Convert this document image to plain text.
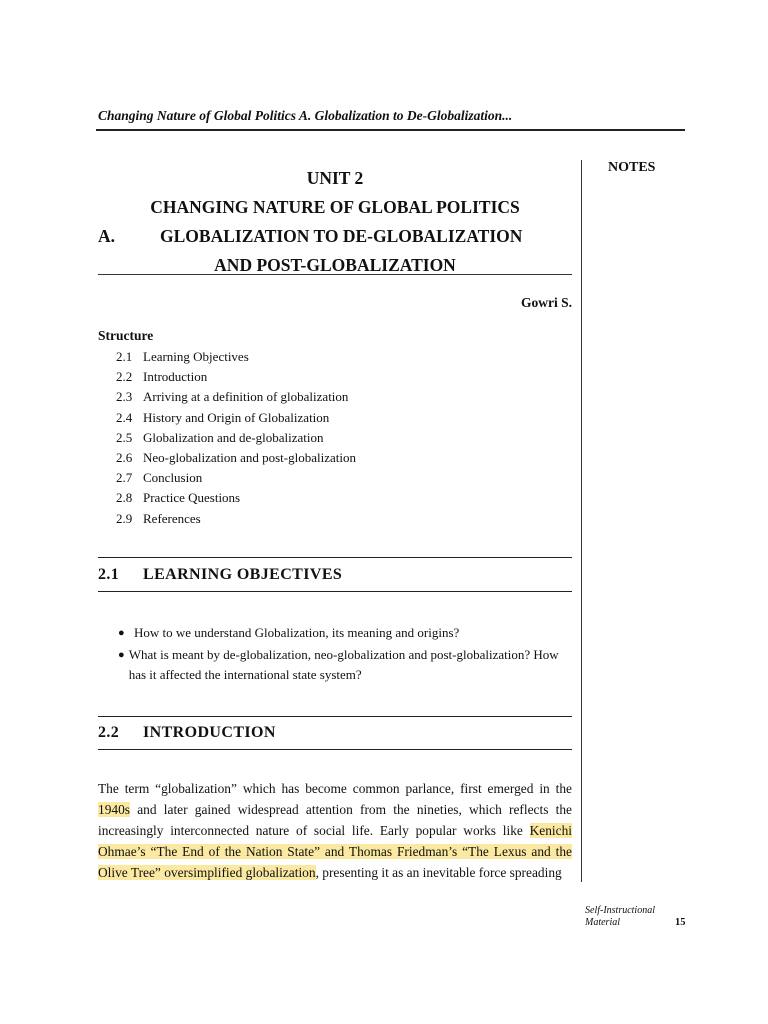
Changing Nature of Global Politics A. Globalization to De-Globalization...
NOTES
UNIT 2
CHANGING NATURE OF GLOBAL POLITICS
A.	GLOBALIZATION TO DE-GLOBALIZATION
AND POST-GLOBALIZATION
Gowri S.
Structure
2.1 Learning Objectives
2.2 Introduction
2.3 Arriving at a definition of globalization
2.4 History and Origin of Globalization
2.5 Globalization and de-globalization
2.6 Neo-globalization and post-globalization
2.7 Conclusion
2.8 Practice Questions
2.9 References
2.1	LEARNING OBJECTIVES
● How to we understand Globalization, its meaning and origins?
● What is meant by de-globalization, neo-globalization and post-globalization? How has it affected the international state system?
2.2	INTRODUCTION
The term “globalization” which has become common parlance, first emerged in the 1940s and later gained widespread attention from the nineties, which reflects the increasingly interconnected nature of social life. Early popular works like Kenichi Ohmae’s “The End of the Nation State” and Thomas Friedman’s “The Lexus and the Olive Tree” oversimplified globalization, presenting it as an inevitable force spreading
Self-Instructional
Material	15
